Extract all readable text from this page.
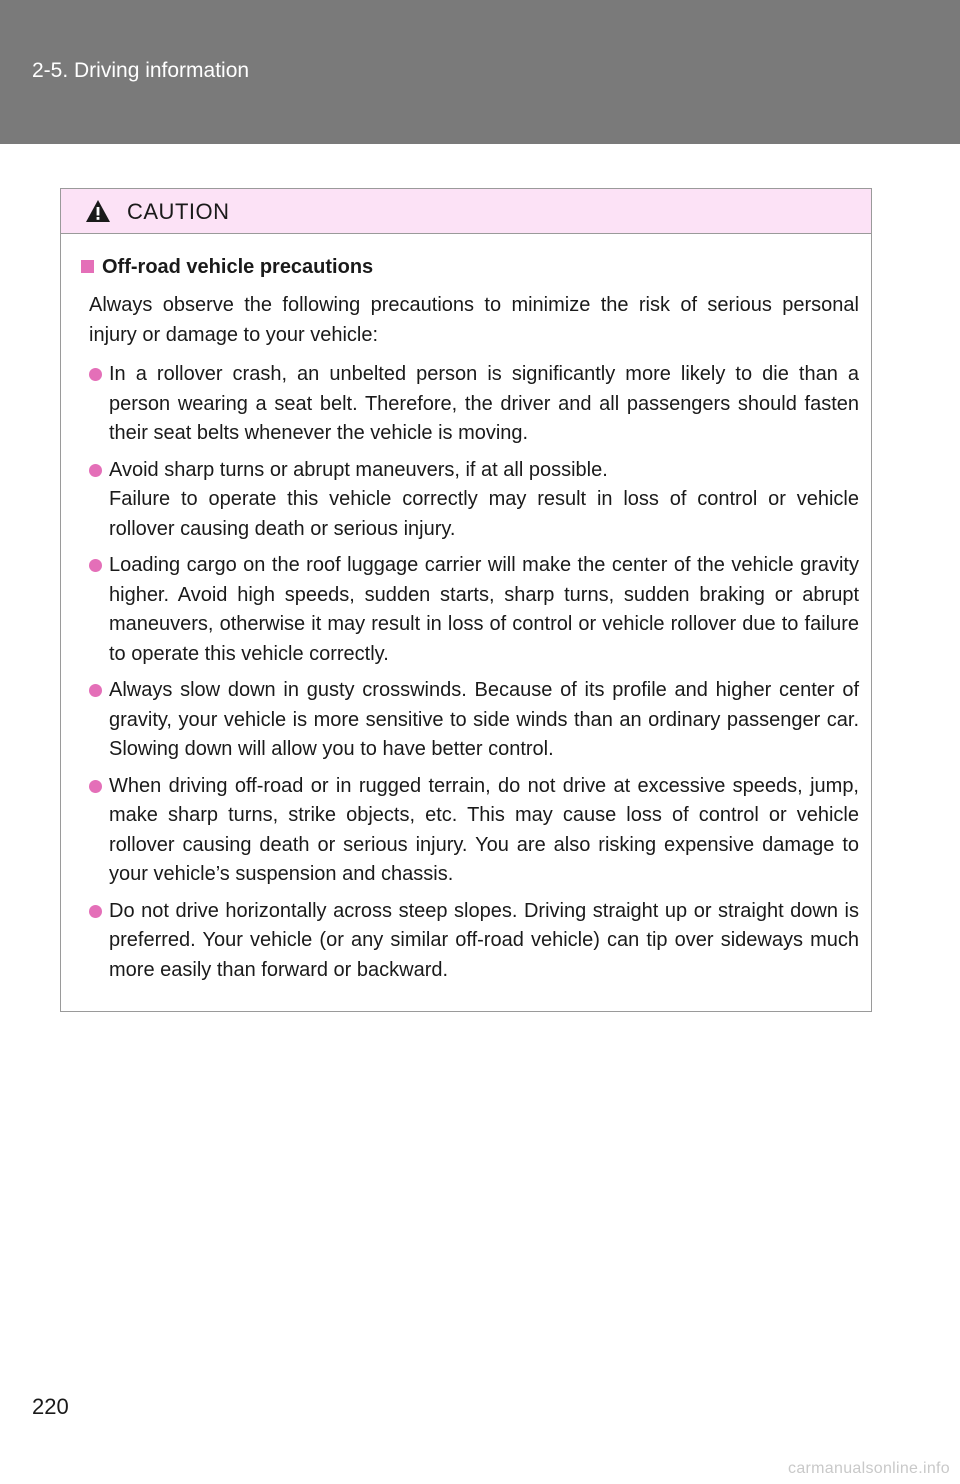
2-5. Driving information
CAUTION
Off-road vehicle precautions
Always observe the following precautions to minimize the risk of serious personal injury or damage to your vehicle:
In a rollover crash, an unbelted person is significantly more likely to die than a person wearing a seat belt. Therefore, the driver and all passengers should fasten their seat belts whenever the vehicle is moving.
Avoid sharp turns or abrupt maneuvers, if at all possible.
Failure to operate this vehicle correctly may result in loss of control or vehicle rollover causing death or serious injury.
Loading cargo on the roof luggage carrier will make the center of the vehicle gravity higher. Avoid high speeds, sudden starts, sharp turns, sudden braking or abrupt maneuvers, otherwise it may result in loss of control or vehicle rollover due to failure to operate this vehicle correctly.
Always slow down in gusty crosswinds. Because of its profile and higher center of gravity, your vehicle is more sensitive to side winds than an ordinary passenger car. Slowing down will allow you to have better control.
When driving off-road or in rugged terrain, do not drive at excessive speeds, jump, make sharp turns, strike objects, etc. This may cause loss of control or vehicle rollover causing death or serious injury. You are also risking expensive damage to your vehicle’s suspension and chassis.
Do not drive horizontally across steep slopes. Driving straight up or straight down is preferred. Your vehicle (or any similar off-road vehicle) can tip over sideways much more easily than forward or backward.
220
carmanualsonline.info
